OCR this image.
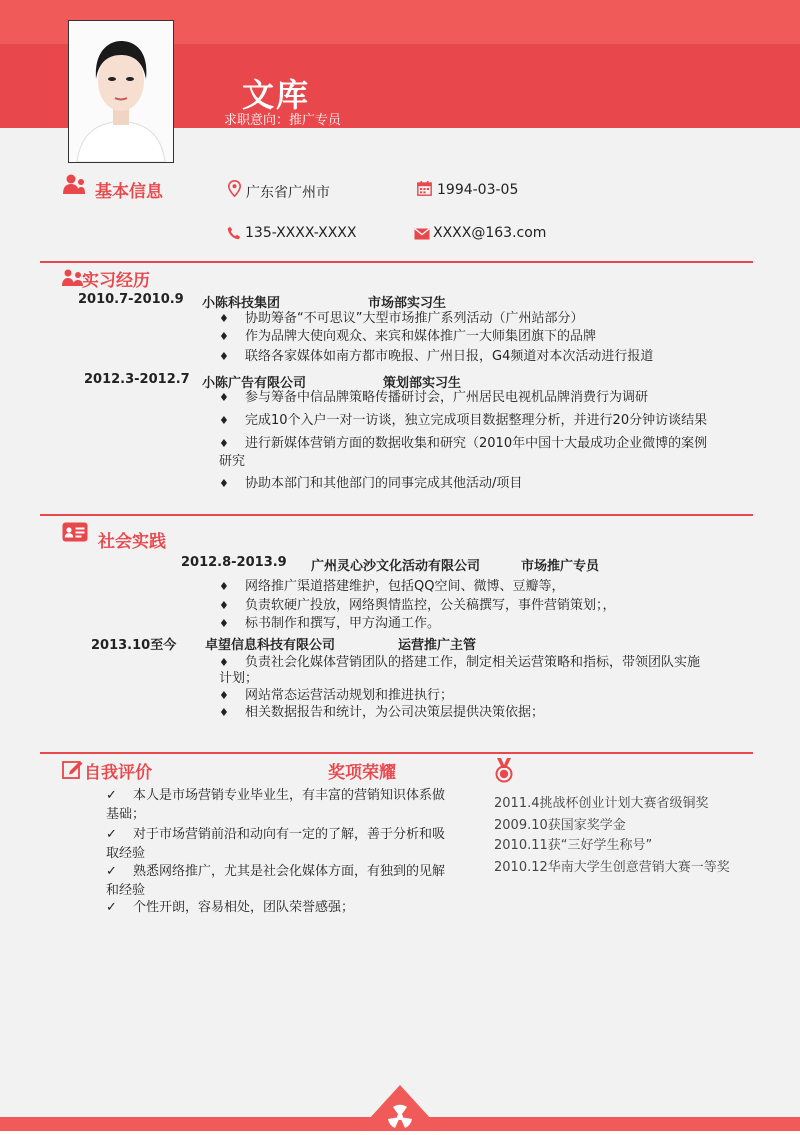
文库
求职意向：推广专员
基本信息	广东省广州市	1994-03-05
135-XXXX-XXXX	XXXX@163.com
实习经历
2010.7-2010.9 小陈科技集团	市场部实习生
♦ 协助筹备“不可思议”大型市场推广系列活动（广州站部分）
♦ 作为品牌大使向观众、来宾和媒体推广一大师集团旗下的品牌
♦ 联络各家媒体如南方都市晚报、广州日报，G4频道对本次活动进行报道
2012.3-2012.7 小陈广告有限公司	策划部实习生
♦ 参与筹备中信品牌策略传播研讨会，广州居民电视机品牌消费行为调研
♦ 完成10个入户一对一访谈，独立完成项目数据整理分析，并进行20分钟访谈结果
♦ 进行新媒体营销方面的数据收集和研究（2010年中国十大最成功企业微博的案例
研究
♦ 协助本部门和其他部门的同事完成其他活动/项目
社会实践
2012.8-2013.9 广州灵心沙文化活动有限公司	市场推广专员
♦ 网络推广渠道搭建维护，包括QQ空间、微博、豆瓣等，
♦ 负责软硬广投放，网络舆情监控，公关稿撰写，事件营销策划；，
♦ 标书制作和撰写，甲方沟通工作。
2013.10至今 卓望信息科技有限公司	运营推广主管
♦ 负责社会化媒体营销团队的搭建工作，制定相关运营策略和指标，带领团队实施
计划；
♦ 网站常态运营活动规划和推进执行；
♦ 相关数据报告和统计，为公司决策层提供决策依据；
自我评价
✓ 本人是市场营销专业毕业生，有丰富的营销知识体系做
基础；
✓ 对于市场营销前沿和动向有一定的了解，善于分析和吸
取经验
✓ 熟悉网络推广，尤其是社会化媒体方面，有独到的见解
和经验
✓ 个性开朗，容易相处，团队荣誉感强；
奖项荣耀
2011.4挑战杯创业计划大赛省级铜奖
2009.10获国家奖学金
2010.11获“三好学生称号”
2010.12华南大学生创意营销大赛一等奖
